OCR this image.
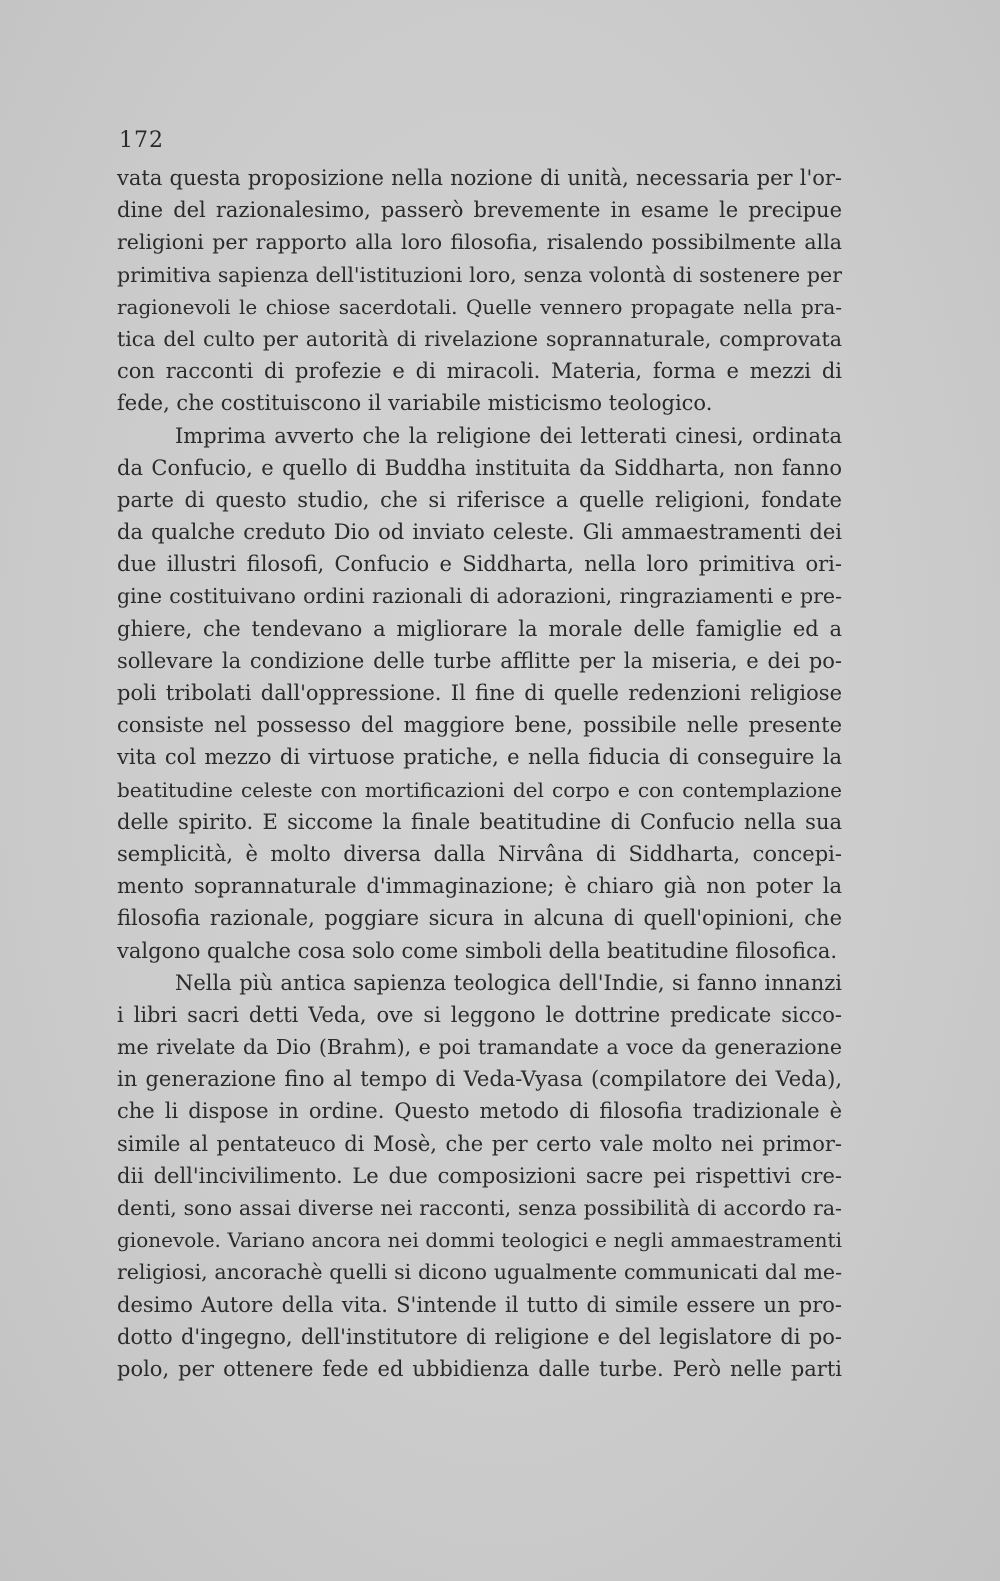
172
vata questa proposizione nella nozione di unità, necessaria per l'or-
dine del razionalesimo, passerò brevemente in esame le precipue
religioni per rapporto alla loro filosofia, risalendo possibilmente alla
primitiva sapienza dell'istituzioni loro, senza volontà di sostenere per
ragionevoli le chiose sacerdotali. Quelle vennero propagate nella pra-
tica del culto per autorità di rivelazione soprannaturale, comprovata
con racconti di profezie e di miracoli. Materia, forma e mezzi di
fede, che costituiscono il variabile misticismo teologico.
Imprima avverto che la religione dei letterati cinesi, ordinata
da Confucio, e quello di Buddha instituita da Siddharta, non fanno
parte di questo studio, che si riferisce a quelle religioni, fondate
da qualche creduto Dio od inviato celeste. Gli ammaestramenti dei
due illustri filosofi, Confucio e Siddharta, nella loro primitiva ori-
gine costituivano ordini razionali di adorazioni, ringraziamenti e pre-
ghiere, che tendevano a migliorare la morale delle famiglie ed a
sollevare la condizione delle turbe afflitte per la miseria, e dei po-
poli tribolati dall'oppressione. Il fine di quelle redenzioni religiose
consiste nel possesso del maggiore bene, possibile nelle presente
vita col mezzo di virtuose pratiche, e nella fiducia di conseguire la
beatitudine celeste con mortificazioni del corpo e con contemplazione
delle spirito. E siccome la finale beatitudine di Confucio nella sua
semplicità, è molto diversa dalla Nirvâna di Siddharta, concepi-
mento soprannaturale d'immaginazione; è chiaro già non poter la
filosofia razionale, poggiare sicura in alcuna di quell'opinioni, che
valgono qualche cosa solo come simboli della beatitudine filosofica.
Nella più antica sapienza teologica dell'Indie, si fanno innanzi
i libri sacri detti Veda, ove si leggono le dottrine predicate sicco-
me rivelate da Dio (Brahm), e poi tramandate a voce da generazione
in generazione fino al tempo di Veda-Vyasa (compilatore dei Veda),
che li dispose in ordine. Questo metodo di filosofia tradizionale è
simile al pentateuco di Mosè, che per certo vale molto nei primor-
dii dell'incivilimento. Le due composizioni sacre pei rispettivi cre-
denti, sono assai diverse nei racconti, senza possibilità di accordo ra-
gionevole. Variano ancora nei dommi teologici e negli ammaestramenti
religiosi, ancorachè quelli si dicono ugualmente communicati dal me-
desimo Autore della vita. S'intende il tutto di simile essere un pro-
dotto d'ingegno, dell'institutore di religione e del legislatore di po-
polo, per ottenere fede ed ubbidienza dalle turbe. Però nelle parti
